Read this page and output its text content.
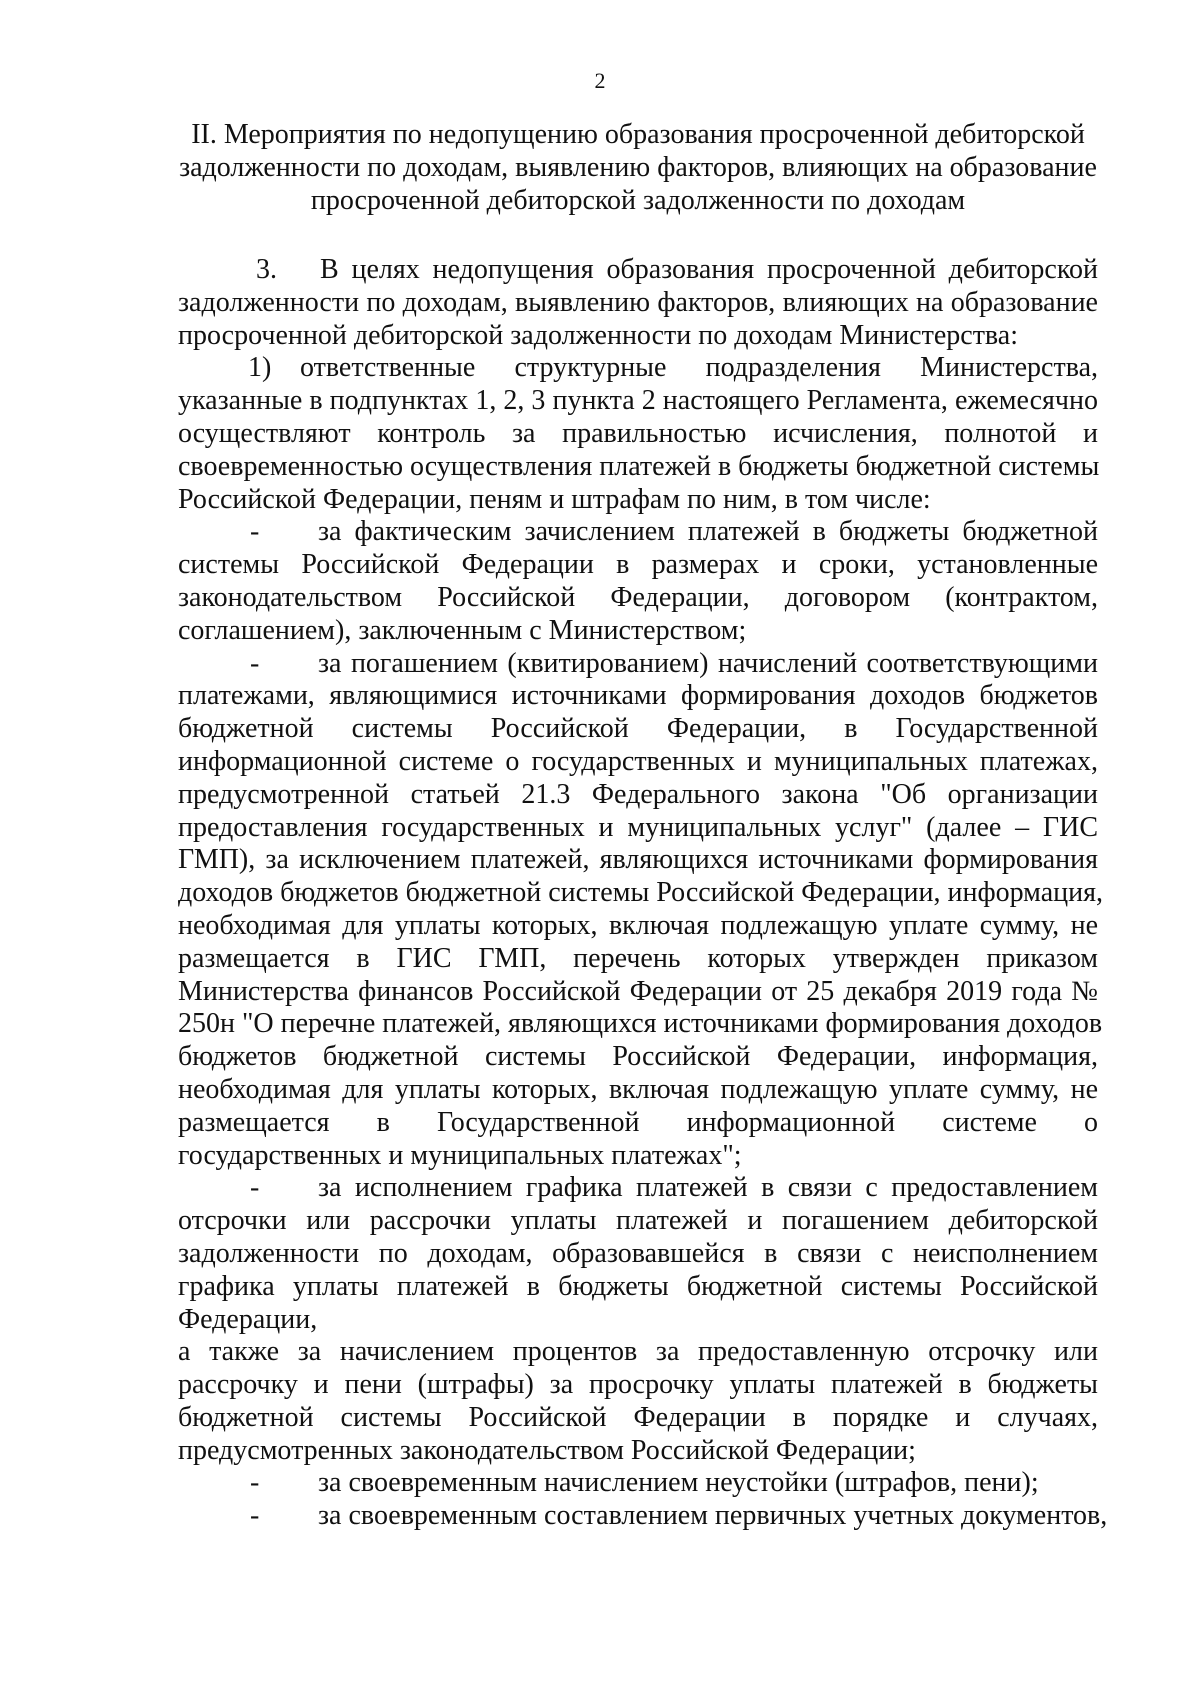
2
II. Мероприятия по недопущению образования просроченной дебиторской
задолженности по доходам, выявлению факторов, влияющих на образование
просроченной дебиторской задолженности по доходам
3. В целях недопущения образования просроченной дебиторской
задолженности по доходам, выявлению факторов, влияющих на образование
просроченной дебиторской задолженности по доходам Министерства:
1) ответственные структурные подразделения Министерства,
указанные в подпунктах 1, 2, 3 пункта 2 настоящего Регламента, ежемесячно
осуществляют контроль за правильностью исчисления, полнотой и
своевременностью осуществления платежей в бюджеты бюджетной системы
Российской Федерации, пеням и штрафам по ним, в том числе:
- за фактическим зачислением платежей в бюджеты бюджетной
системы Российской Федерации в размерах и сроки, установленные
законодательством Российской Федерации, договором (контрактом,
соглашением), заключенным с Министерством;
- за погашением (квитированием) начислений соответствующими
платежами, являющимися источниками формирования доходов бюджетов
бюджетной системы Российской Федерации, в Государственной
информационной системе о государственных и муниципальных платежах,
предусмотренной статьей 21.3 Федерального закона "Об организации
предоставления государственных и муниципальных услуг" (далее – ГИС
ГМП), за исключением платежей, являющихся источниками формирования
доходов бюджетов бюджетной системы Российской Федерации, информация,
необходимая для уплаты которых, включая подлежащую уплате сумму, не
размещается в ГИС ГМП, перечень которых утвержден приказом
Министерства финансов Российской Федерации от 25 декабря 2019 года №
250н "О перечне платежей, являющихся источниками формирования доходов
бюджетов бюджетной системы Российской Федерации, информация,
необходимая для уплаты которых, включая подлежащую уплате сумму, не
размещается в Государственной информационной системе о
государственных и муниципальных платежах";
- за исполнением графика платежей в связи с предоставлением
отсрочки или рассрочки уплаты платежей и погашением дебиторской
задолженности по доходам, образовавшейся в связи с неисполнением
графика уплаты платежей в бюджеты бюджетной системы Российской
Федерации,
а также за начислением процентов за предоставленную отсрочку или
рассрочку и пени (штрафы) за просрочку уплаты платежей в бюджеты
бюджетной системы Российской Федерации в порядке и случаях,
предусмотренных законодательством Российской Федерации;
- за своевременным начислением неустойки (штрафов, пени);
- за своевременным составлением первичных учетных документов,
